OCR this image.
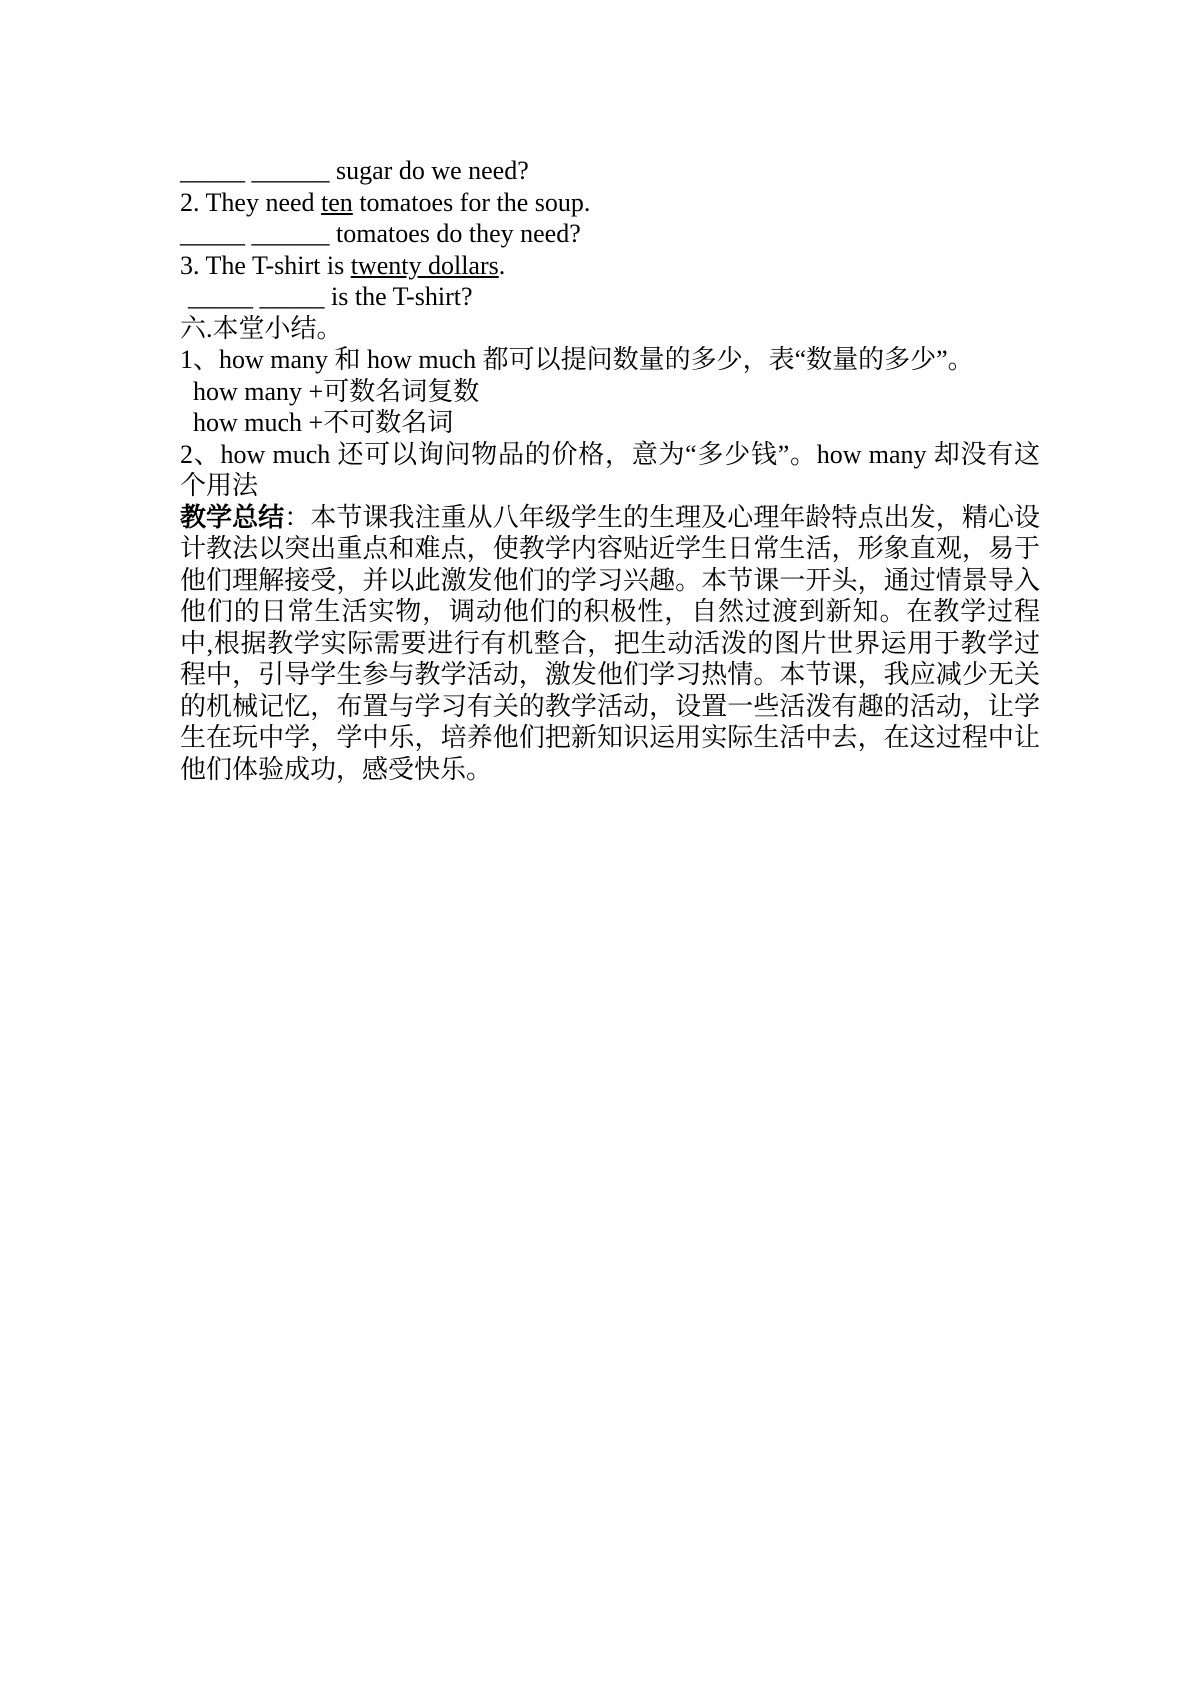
_____ ______ sugar do we need?
2. They need ten tomatoes for the soup.
_____ ______ tomatoes do they need?
3. The T-shirt is twenty dollars.
_____ _____ is the T-shirt?
六.本堂小结。
1、how many 和 how much 都可以提问数量的多少，表“数量的多少”。
how many +可数名词复数
how much +不可数名词
2、how much 还可以询问物品的价格，意为“多少钱”。how many 却没有这个用法
教学总结：本节课我注重从八年级学生的生理及心理年龄特点出发，精心设计教法以突出重点和难点，使教学内容贴近学生日常生活，形象直观，易于他们理解接受，并以此激发他们的学习兴趣。本节课一开头，通过情景导入他们的日常生活实物，调动他们的积极性，自然过渡到新知。在教学过程中,根据教学实际需要进行有机整合，把生动活泼的图片世界运用于教学过程中，引导学生参与教学活动，激发他们学习热情。本节课，我应减少无关的机械记忆，布置与学习有关的教学活动，设置一些活泼有趣的活动，让学生在玩中学，学中乐，培养他们把新知识运用实际生活中去，在这过程中让他们体验成功，感受快乐。
